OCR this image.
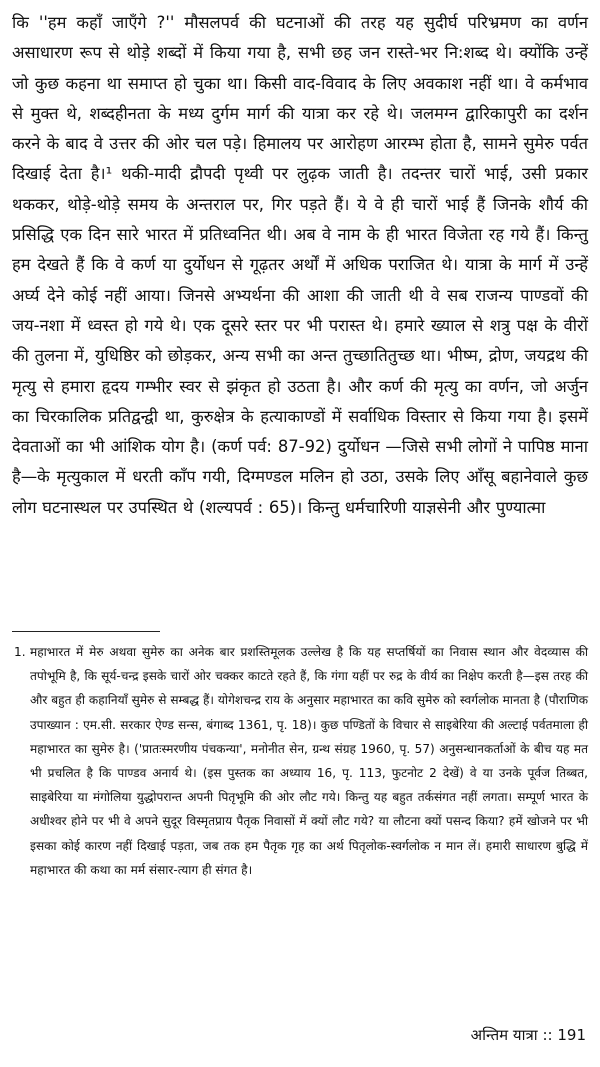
कि ''हम कहाँ जाएँगे ?'' मौसलपर्व की घटनाओं की तरह यह सुदीर्घ परिभ्रमण का वर्णन असाधारण रूप से थोड़े शब्दों में किया गया है, सभी छह जन रास्ते-भर नि:शब्द थे। क्योंकि उन्हें जो कुछ कहना था समाप्त हो चुका था। किसी वाद-विवाद के लिए अवकाश नहीं था। वे कर्मभाव से मुक्त थे, शब्दहीनता के मध्य दुर्गम मार्ग की यात्रा कर रहे थे। जलमग्न द्वारिकापुरी का दर्शन करने के बाद वे उत्तर की ओर चल पड़े। हिमालय पर आरोहण आरम्भ होता है, सामने सुमेरु पर्वत दिखाई देता है।¹ थकी-मादी द्रौपदी पृथ्वी पर लुढ़क जाती है। तदन्तर चारों भाई, उसी प्रकार थककर, थोड़े-थोड़े समय के अन्तराल पर, गिर पड़ते हैं। ये वे ही चारों भाई हैं जिनके शौर्य की प्रसिद्धि एक दिन सारे भारत में प्रतिध्वनित थी। अब वे नाम के ही भारत विजेता रह गये हैं। किन्तु हम देखते हैं कि वे कर्ण या दुर्योधन से गूढ़तर अर्थों में अधिक पराजित थे। यात्रा के मार्ग में उन्हें अर्घ्य देने कोई नहीं आया। जिनसे अभ्यर्थना की आशा की जाती थी वे सब राजन्य पाण्डवों की जय-नशा में ध्वस्त हो गये थे। एक दूसरे स्तर पर भी परास्त थे। हमारे ख्याल से शत्रु पक्ष के वीरों की तुलना में, युधिष्ठिर को छोड़कर, अन्य सभी का अन्त तुच्छातितुच्छ था। भीष्म, द्रोण, जयद्रथ की मृत्यु से हमारा हृदय गम्भीर स्वर से झंकृत हो उठता है। और कर्ण की मृत्यु का वर्णन, जो अर्जुन का चिरकालिक प्रतिद्वन्द्वी था, कुरुक्षेत्र के हत्याकाण्डों में सर्वाधिक विस्तार से किया गया है। इसमें देवताओं का भी आंशिक योग है। (कर्ण पर्व: 87-92) दुर्योधन —जिसे सभी लोगों ने पापिष्ठ माना है—के मृत्युकाल में धरती काँप गयी, दिग्मण्डल मलिन हो उठा, उसके लिए आँसू बहानेवाले कुछ लोग घटनास्थल पर उपस्थित थे (शल्यपर्व : 65)। किन्तु धर्मचारिणी याज्ञसेनी और पुण्यात्मा

1. महाभारत में मेरु अथवा सुमेरु का अनेक बार प्रशस्तिमूलक उल्लेख है कि यह सप्तर्षियों का निवास स्थान और वेदव्यास की तपोभूमि है, कि सूर्य-चन्द्र इसके चारों ओर चक्कर काटते रहते हैं, कि गंगा यहीं पर रुद्र के वीर्य का निक्षेप करती है—इस तरह की और बहुत ही कहानियाँ सुमेरु से सम्बद्ध हैं। योगेशचन्द्र राय के अनुसार महाभारत का कवि सुमेरु को स्वर्गलोक मानता है (पौराणिक उपाख्यान : एम.सी. सरकार ऐण्ड सन्स, बंगाब्द 1361, पृ. 18)। कुछ पण्डितों के विचार से साइबेरिया की अल्टाई पर्वतमाला ही महाभारत का सुमेरु है। ('प्रातःस्मरणीय पंचकन्या', मनोनीत सेन, ग्रन्थ संग्रह 1960, पृ. 57) अनुसन्धानकर्ताओं के बीच यह मत भी प्रचलित है कि पाण्डव अनार्य थे। (इस पुस्तक का अध्याय 16, पृ. 113, फुटनोट 2 देखें) वे या उनके पूर्वज तिब्बत, साइबेरिया या मंगोलिया युद्धोपरान्त अपनी पितृभूमि की ओर लौट गये। किन्तु यह बहुत तर्कसंगत नहीं लगता। सम्पूर्ण भारत के अधीश्वर होने पर भी वे अपने सुदूर विस्मृतप्राय पैतृक निवासों में क्यों लौट गये? या लौटना क्यों पसन्द किया? हमें खोजने पर भी इसका कोई कारण नहीं दिखाई पड़ता, जब तक हम पैतृक गृह का अर्थ पितृलोक-स्वर्गलोक न मान लें। हमारी साधारण बुद्धि में महाभारत की कथा का मर्म संसार-त्याग ही संगत है।
अन्तिम यात्रा :: 191
